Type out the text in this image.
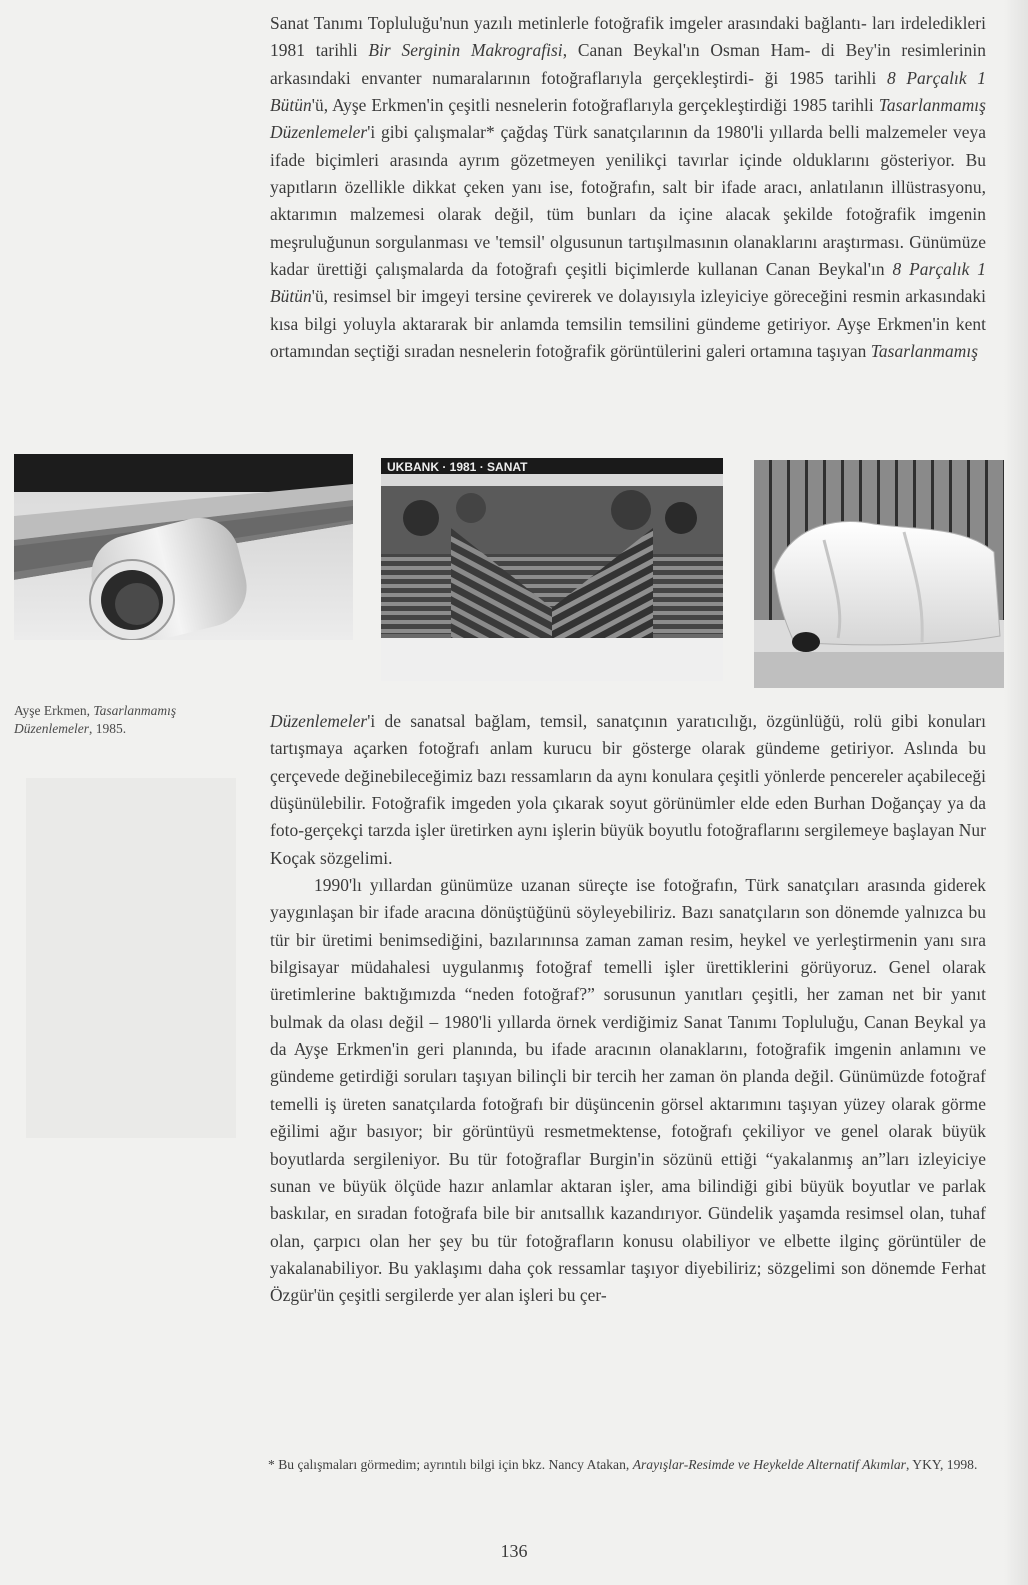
Sanat Tanımı Topluluğu'nun yazılı metinlerle fotoğrafik imgeler arasındaki bağlantı- ları irdeledikleri 1981 tarihli Bir Serginin Makrografisi, Canan Beykal'ın Osman Ham- di Bey'in resimlerinin arkasındaki envanter numaralarının fotoğraflarıyla gerçekleştirdi- ği 1985 tarihli 8 Parçalık 1 Bütün'ü, Ayşe Erkmen'in çeşitli nesnelerin fotoğraflarıyla gerçekleştirdiği 1985 tarihli Tasarlanmamış Düzenlemeler'i gibi çalışmalar* çağdaş Türk sanatçılarının da 1980'li yıllarda belli malzemeler veya ifade biçimleri arasında ayrım gözetmeyen yenilikçi tavırlar içinde olduklarını gösteriyor. Bu yapıtların özellikle dikkat çeken yanı ise, fotoğrafın, salt bir ifade aracı, anlatılanın illüstrasyonu, aktarımın malzemesi olarak değil, tüm bunları da içine alacak şekilde fotoğrafik imgenin meşruluğunun sorgulanması ve 'temsil' olgusunun tartışılmasının olanaklarını araştırması. Günümüze kadar ürettiği çalışmalarda da fotoğrafı çeşitli biçimlerde kullanan Canan Beykal'ın 8 Parçalık 1 Bütün'ü, resimsel bir imgeyi tersine çevirerek ve dolayısıyla izleyiciye göreceğini resmin arkasındaki kısa bilgi yoluyla aktararak bir anlamda temsilin temsilini gündeme getiriyor. Ayşe Erkmen'in kent ortamından seçtiği sıradan nesnelerin fotoğrafik görüntülerini galeri ortamına taşıyan Tasarlanmamış

UKBANK · 1981 · SANAT
Ayşe Erkmen, Tasarlanmamış Düzenlemeler, 1985.	Düzenlemeler'i de sanatsal bağlam, temsil, sanatçının yaratıcılığı, özgünlüğü, rolü gibi konuları tartışmaya açarken fotoğrafı anlam kurucu bir gösterge olarak gündeme getiriyor. Aslında bu çerçevede değinebileceğimiz bazı ressamların da aynı konulara çeşitli yönlerde pencereler açabileceği düşünülebilir. Fotoğrafik imgeden yola çıkarak soyut görünümler elde eden Burhan Doğançay ya da foto-gerçekçi tarzda işler üretirken aynı işlerin büyük boyutlu fotoğraflarını sergilemeye başlayan Nur Koçak sözgelimi.

1990'lı yıllardan günümüze uzanan süreçte ise fotoğrafın, Türk sanatçıları arasında giderek yaygınlaşan bir ifade aracına dönüştüğünü söyleyebiliriz. Bazı sanatçıların son dönemde yalnızca bu tür bir üretimi benimsediğini, bazılarınınsa zaman zaman resim, heykel ve yerleştirmenin yanı sıra bilgisayar müdahalesi uygulanmış fotoğraf temelli işler ürettiklerini görüyoruz. Genel olarak üretimlerine baktığımızda “neden fotoğraf?” sorusunun yanıtları çeşitli, her zaman net bir yanıt bulmak da olası değil – 1980'li yıllarda örnek verdiğimiz Sanat Tanımı Topluluğu, Canan Beykal ya da Ayşe Erkmen'in geri planında, bu ifade aracının olanaklarını, fotoğrafik imgenin anlamını ve gündeme getirdiği soruları taşıyan bilinçli bir tercih her zaman ön planda değil. Günümüzde fotoğraf temelli iş üreten sanatçılarda fotoğrafı bir düşüncenin görsel aktarımını taşıyan yüzey olarak görme eğilimi ağır basıyor; bir görüntüyü resmetmektense, fotoğrafı çekiliyor ve genel olarak büyük boyutlarda sergileniyor. Bu tür fotoğraflar Burgin'in sözünü ettiği “yakalanmış an”ları izleyiciye sunan ve büyük ölçüde hazır anlamlar aktaran işler, ama bilindiği gibi büyük boyutlar ve parlak baskılar, en sıradan fotoğrafa bile bir anıtsallık kazandırıyor. Gündelik yaşamda resimsel olan, tuhaf olan, çarpıcı olan her şey bu tür fotoğrafların konusu olabiliyor ve elbette ilginç görüntüler de yakalanabiliyor. Bu yaklaşımı daha çok ressamlar taşıyor diyebiliriz; sözgelimi son dönemde Ferhat Özgür'ün çeşitli sergilerde yer alan işleri bu çer-

* Bu çalışmaları görmedim; ayrıntılı bilgi için bkz. Nancy Atakan, Arayışlar-Resimde ve Heykelde Alternatif Akımlar, YKY, 1998.
136
